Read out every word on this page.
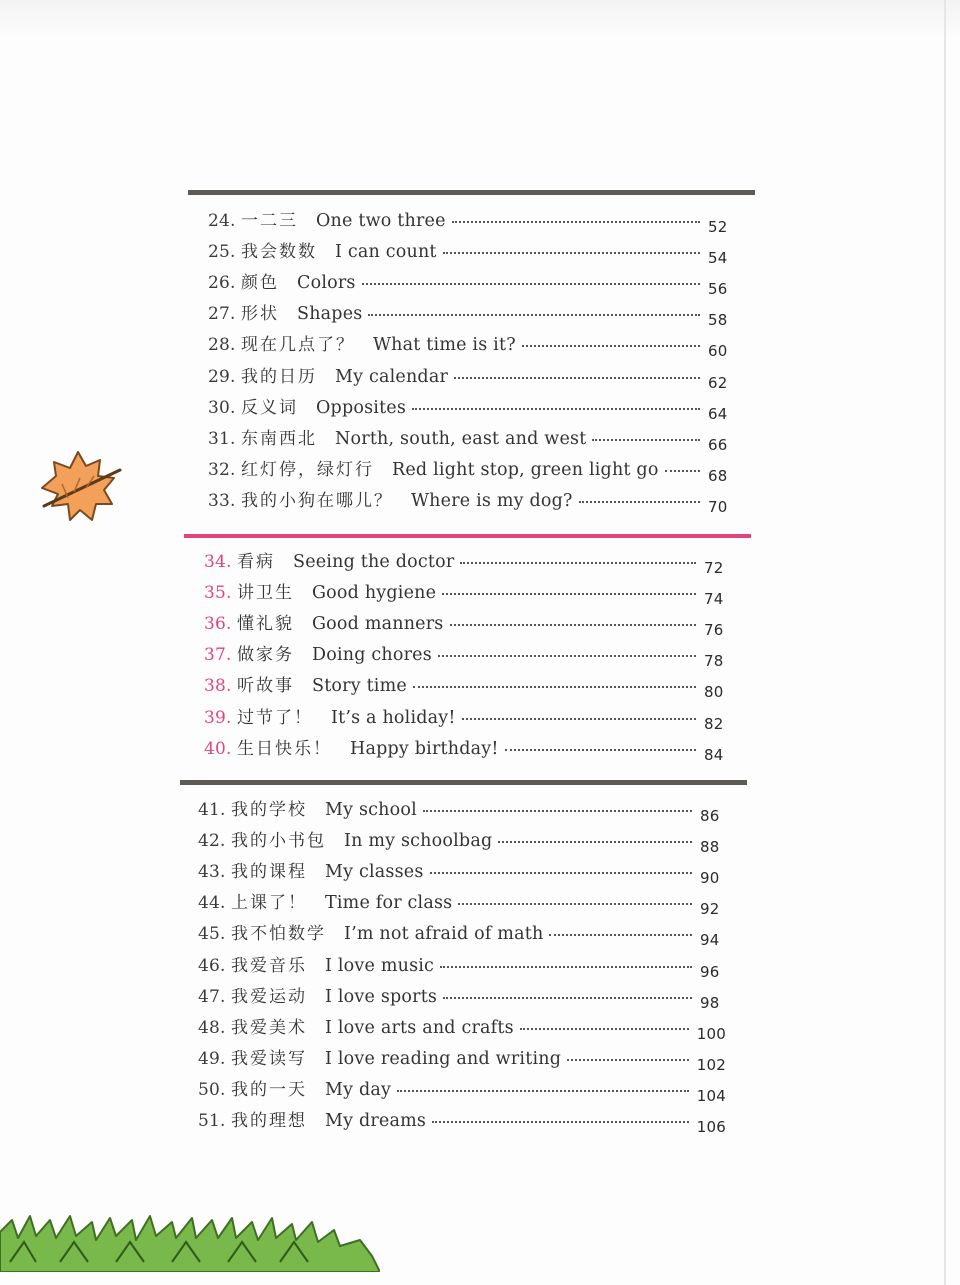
24. 一二三 One two three	52
25. 我会数数 I can count	54
26. 颜色 Colors	56
27. 形状 Shapes	58
28. 现在几点了？ What time is it?	60
29. 我的日历 My calendar	62
30. 反义词 Opposites	64
31. 东南西北 North, south, east and west	66
32. 红灯停，绿灯行 Red light stop, green light go	68
33. 我的小狗在哪儿？ Where is my dog?	70
34. 看病 Seeing the doctor	72
35. 讲卫生 Good hygiene	74
36. 懂礼貌 Good manners	76
37. 做家务 Doing chores	78
38. 听故事 Story time	80
39. 过节了！ It’s a holiday!	82
40. 生日快乐！ Happy birthday!	84
41. 我的学校 My school	86
42. 我的小书包 In my schoolbag	88
43. 我的课程 My classes	90
44. 上课了！ Time for class	92
45. 我不怕数学 I’m not afraid of math	94
46. 我爱音乐 I love music	96
47. 我爱运动 I love sports	98
48. 我爱美术 I love arts and crafts	100
49. 我爱读写 I love reading and writing	102
50. 我的一天 My day	104
51. 我的理想 My dreams	106
